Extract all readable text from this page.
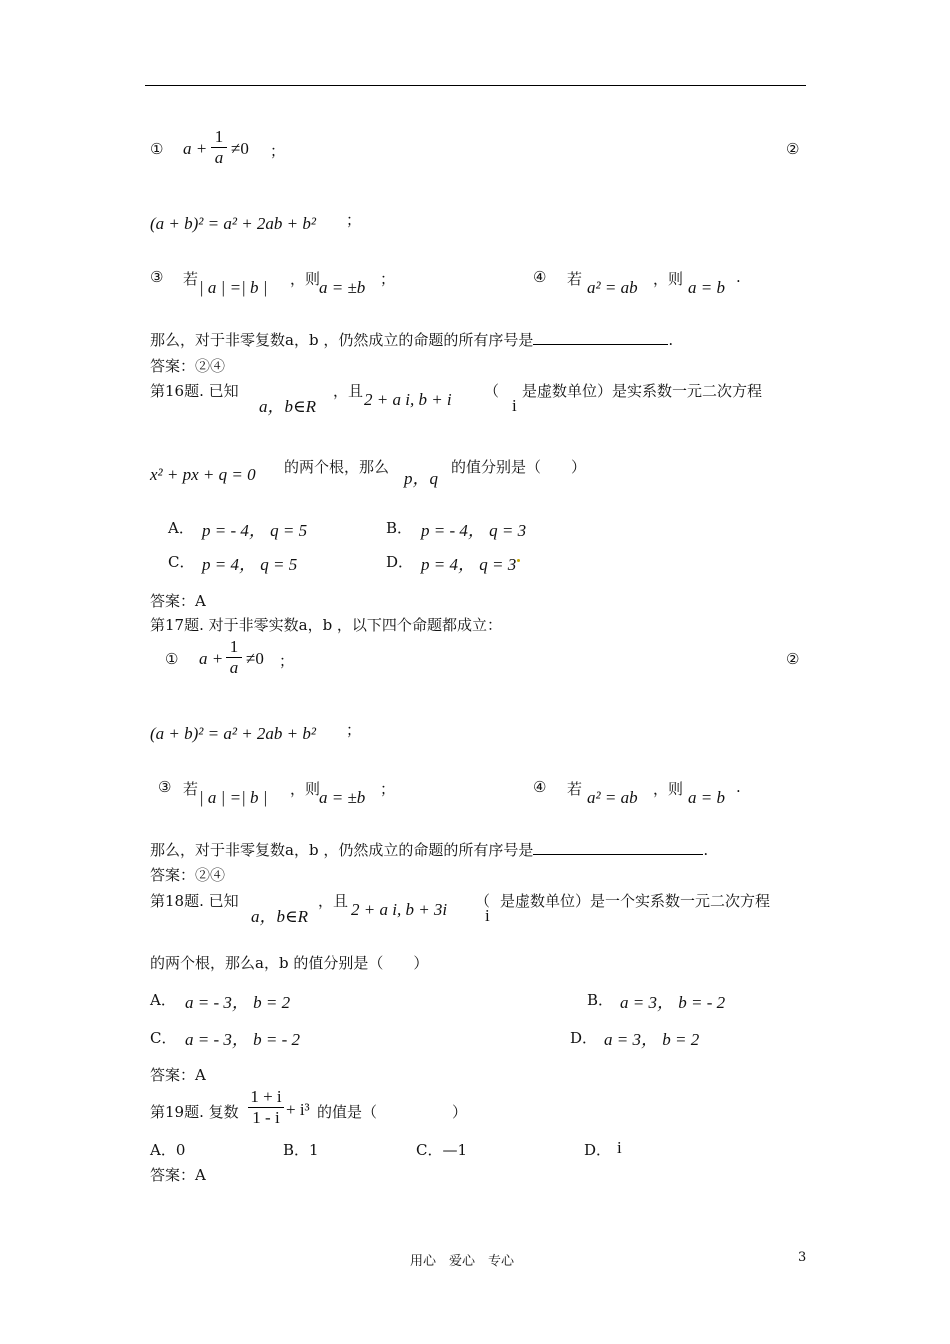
① a +
1
a ≠0 ；	②
(a + b)² = a² + 2ab + b² ；
③ 若 | a | =| b | ，则
a = ±b ；	④ 若 a² = ab ，则 a = b
.
那么，对于非零复数a，b ，仍然成立的命题的所有序号是	.
答案：②④
第16题. 已知
a，b∈R
，且 2 + a i, b + i （
i
是虚数单位）是实系数一元二次方程
x² + px + q = 0 的两个根，那么
p，q
的值分别是（　　）
A． p = - 4， q = 5	B． p = - 4， q = 3
C． p = 4， q = 5	D． p = 4， q = 3
答案：A
第17题. 对于非零实数a，b ，以下四个命题都成立：
① a +
1
a ≠0 ；	②
(a + b)² = a² + 2ab + b² ；
③ 若 | a | =| b | ，则
a = ±b ；	④ 若 a² = ab ，则 a = b
.
那么，对于非零复数a，b ，仍然成立的命题的所有序号是	.
答案：②④
第18题. 已知
a，b∈R
，且 2 + a i, b + 3i （
i
是虚数单位）是一个实系数一元二次方程
的两个根，那么a，b 的值分别是（　　）
A． a = - 3， b = 2	B． a = 3， b = - 2
C． a = - 3， b = - 2	D． a = 3， b = 2
答案：A
第19题. 复数
1 + i
1 - i + i³ 的值是（　　　　　）
A．0	B．1	C．—1	D． i
答案：A
用心　爱心　专心	3
